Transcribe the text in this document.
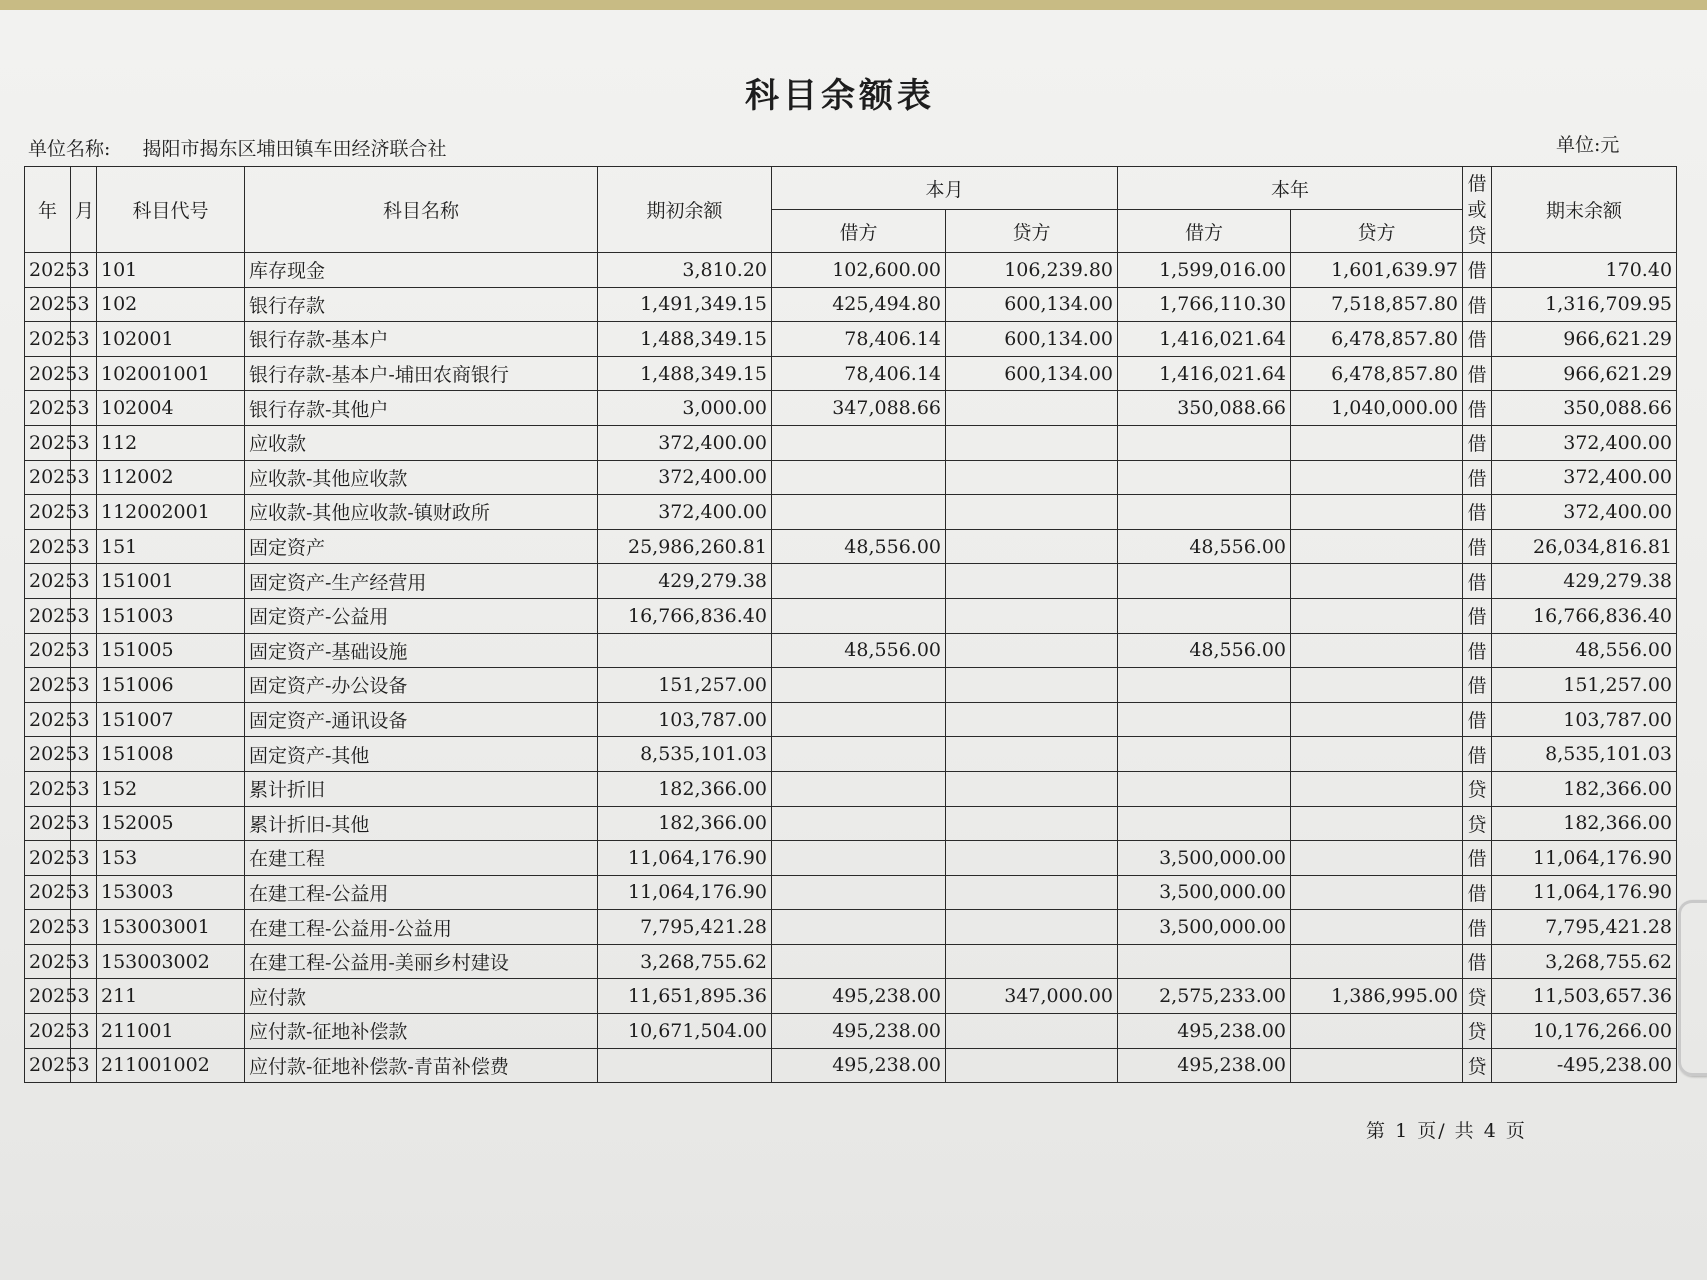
科目余额表
单位名称: 揭阳市揭东区埔田镇车田经济联合社	单位:元
年	月	科目代号	科目名称	期初余额	本月		本年		借或贷	期末余额
					借方	贷方	借方	贷方		
2025	3	101	库存现金	3,810.20	102,600.00	106,239.80	1,599,016.00	1,601,639.97	借	170.40
2025	3	102	银行存款	1,491,349.15	425,494.80	600,134.00	1,766,110.30	7,518,857.80	借	1,316,709.95
2025	3	102001	银行存款-基本户	1,488,349.15	78,406.14	600,134.00	1,416,021.64	6,478,857.80	借	966,621.29
2025	3	102001001	银行存款-基本户-埔田农商银行	1,488,349.15	78,406.14	600,134.00	1,416,021.64	6,478,857.80	借	966,621.29
2025	3	102004	银行存款-其他户	3,000.00	347,088.66		350,088.66	1,040,000.00	借	350,088.66
2025	3	112	应收款	372,400.00					借	372,400.00
2025	3	112002	应收款-其他应收款	372,400.00					借	372,400.00
2025	3	112002001	应收款-其他应收款-镇财政所	372,400.00					借	372,400.00
2025	3	151	固定资产	25,986,260.81	48,556.00		48,556.00		借	26,034,816.81
2025	3	151001	固定资产-生产经营用	429,279.38					借	429,279.38
2025	3	151003	固定资产-公益用	16,766,836.40					借	16,766,836.40
2025	3	151005	固定资产-基础设施		48,556.00		48,556.00		借	48,556.00
2025	3	151006	固定资产-办公设备	151,257.00					借	151,257.00
2025	3	151007	固定资产-通讯设备	103,787.00					借	103,787.00
2025	3	151008	固定资产-其他	8,535,101.03					借	8,535,101.03
2025	3	152	累计折旧	182,366.00					贷	182,366.00
2025	3	152005	累计折旧-其他	182,366.00					贷	182,366.00
2025	3	153	在建工程	11,064,176.90			3,500,000.00		借	11,064,176.90
2025	3	153003	在建工程-公益用	11,064,176.90			3,500,000.00		借	11,064,176.90
2025	3	153003001	在建工程-公益用-公益用	7,795,421.28			3,500,000.00		借	7,795,421.28
2025	3	153003002	在建工程-公益用-美丽乡村建设	3,268,755.62					借	3,268,755.62
2025	3	211	应付款	11,651,895.36	495,238.00	347,000.00	2,575,233.00	1,386,995.00	贷	11,503,657.36
2025	3	211001	应付款-征地补偿款	10,671,504.00	495,238.00		495,238.00		贷	10,176,266.00
2025	3	211001002	应付款-征地补偿款-青苗补偿费		495,238.00		495,238.00		贷	-495,238.00
第 1 页/ 共 4 页
